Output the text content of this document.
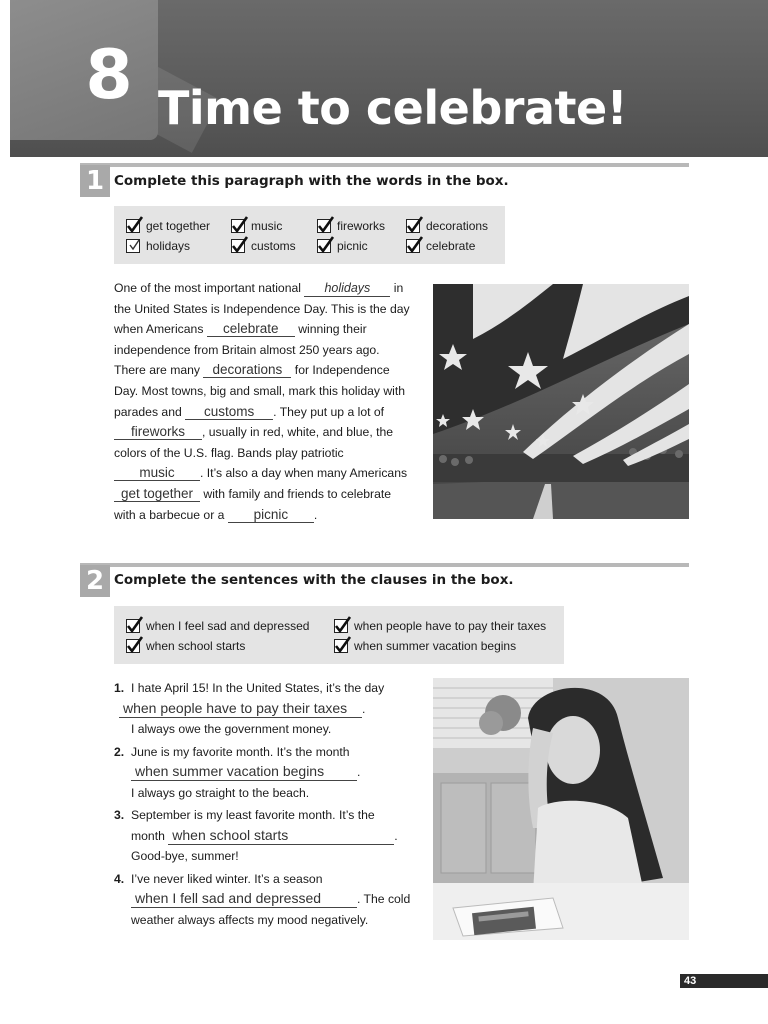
8 Time to celebrate!
1 Complete this paragraph with the words in the box.
get together	music	fireworks	decorations
holidays	customs	picnic	celebrate
One of the most important national holidays in the United States is Independence Day. This is the day when Americans celebrate winning their independence from Britain almost 250 years ago. There are many decorations for Independence Day. Most towns, big and small, mark this holiday with parades and customs . They put up a lot of fireworks , usually in red, white, and blue, the colors of the U.S. flag. Bands play patriotic music . It’s also a day when many Americans get together with family and friends to celebrate with a barbecue or a picnic .
2 Complete the sentences with the clauses in the box.
when I feel sad and depressed	when people have to pay their taxes
when school starts	when summer vacation begins
1. I hate April 15! In the United States, it’s the day
when people have to pay their taxes .
I always owe the government money.
2. June is my favorite month. It’s the month
when summer vacation begins	.
I always go straight to the beach.
3. September is my least favorite month. It’s the
month when school starts	.
Good-bye, summer!
4. I’ve never liked winter. It’s a season
when I fell sad and depressed	. The cold
weather always affects my mood negatively.
43
